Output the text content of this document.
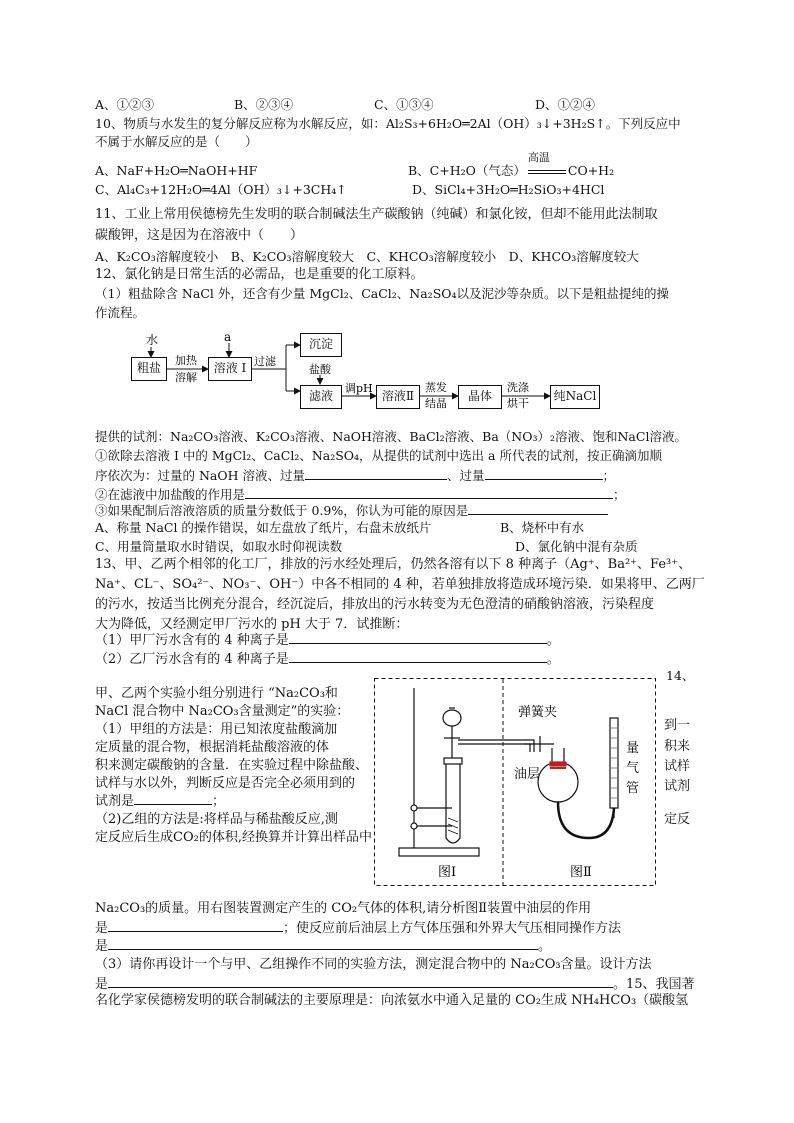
A、①②③	B、②③④	C、①③④	D、①②④
10、物质与水发生的复分解反应称为水解反应，如：Al₂S₃+6H₂O═2Al（OH）₃↓+3H₂S↑。下列反应中
不属于水解反应的是（　　）
A、NaF+H₂O═NaOH+HF	B、C+H₂O（气态）
高温
CO+H₂
C、Al₄C₃+12H₂O═4Al（OH）₃↓+3CH₄↑	D、SiCl₄+3H₂O═H₂SiO₃+4HCl
11、工业上常用侯德榜先生发明的联合制碱法生产碳酸钠（纯碱）和氯化铵，但却不能用此法制取
碳酸钾，这是因为在溶液中（　　）
A、K₂CO₃溶解度较小　B、K₂CO₃溶解度较大　C、KHCO₃溶解度较小　D、KHCO₃溶解度较大
12、氯化钠是日常生活的必需品，也是重要的化工原料。
（1）粗盐除含 NaCl 外，还含有少量 MgCl₂、CaCl₂、Na₂SO₄以及泥沙等杂质。以下是粗盐提纯的操
作流程。
水	a
加热
溶解
过滤
盐酸
调pH	蒸发
结晶
洗涤
烘干
粗盐	溶液 I
沉淀
滤液	溶液Ⅱ	晶体	纯NaCl
提供的试剂：Na₂CO₃溶液、K₂CO₃溶液、NaOH溶液、BaCl₂溶液、Ba（NO₃）₂溶液、饱和NaCl溶液。
①欲除去溶液 I 中的 MgCl₂、CaCl₂、Na₂SO₄，从提供的试剂中选出 a 所代表的试剂，按正确滴加顺
序依次为：过量的 NaOH 溶液、过量	、过量	；
②在滤液中加盐酸的作用是	；
③如果配制后溶液溶质的质量分数低于 0.9%，你认为可能的原因是
A、称量 NaCl 的操作错误，如左盘放了纸片，右盘未放纸片	B、烧杯中有水
C、用量筒量取水时错误，如取水时仰视读数	D、氯化钠中混有杂质
13、甲、乙两个相邻的化工厂，排放的污水经处理后，仍然各溶有以下 8 种离子（Ag⁺、Ba²⁺、Fe³⁺、
Na⁺、CL⁻、SO₄²⁻、NO₃⁻、OH⁻）中各不相同的 4 种，若单独排放将造成环境污染．如果将甲、乙两厂
的污水，按适当比例充分混合，经沉淀后，排放出的污水转变为无色澄清的硝酸钠溶液，污染程度
大为降低，又经测定甲厂污水的 pH 大于 7．试推断：
（1）甲厂污水含有的 4 种离子是	。
（2）乙厂污水含有的 4 种离子是	。
14、
甲、乙两个实验小组分别进行 “Na₂CO₃和
NaCl 混合物中 Na₂CO₃含量测定”的实验：
（1）甲组的方法是：用已知浓度盐酸滴加
定质量的混合物，根据消耗盐酸溶液的体
积来测定碳酸钠的含量．在实验过程中除盐酸、
试样与水以外，判断反应是否完全必须用到的
试剂是	；
（2)乙组的方法是:将样品与稀盐酸反应,测
定反应后生成CO₂的体积,经换算并计算出样品中
到一
积来
试样
试剂
定反
弹簧夹
油层
量
气
管
图Ⅰ	图Ⅱ
Na₂CO₃的质量。用右图装置测定产生的 CO₂气体的体积,请分析图Ⅱ装置中油层的作用
是	；使反应前后油层上方气体压强和外界大气压相同操作方法
是	。
（3）请你再设计一个与甲、乙组操作不同的实验方法，测定混合物中的 Na₂CO₃含量。设计方法
是	。15、我国著
名化学家侯德榜发明的联合制碱法的主要原理是：向浓氨水中通入足量的 CO₂生成 NH₄HCO₃（碳酸氢
